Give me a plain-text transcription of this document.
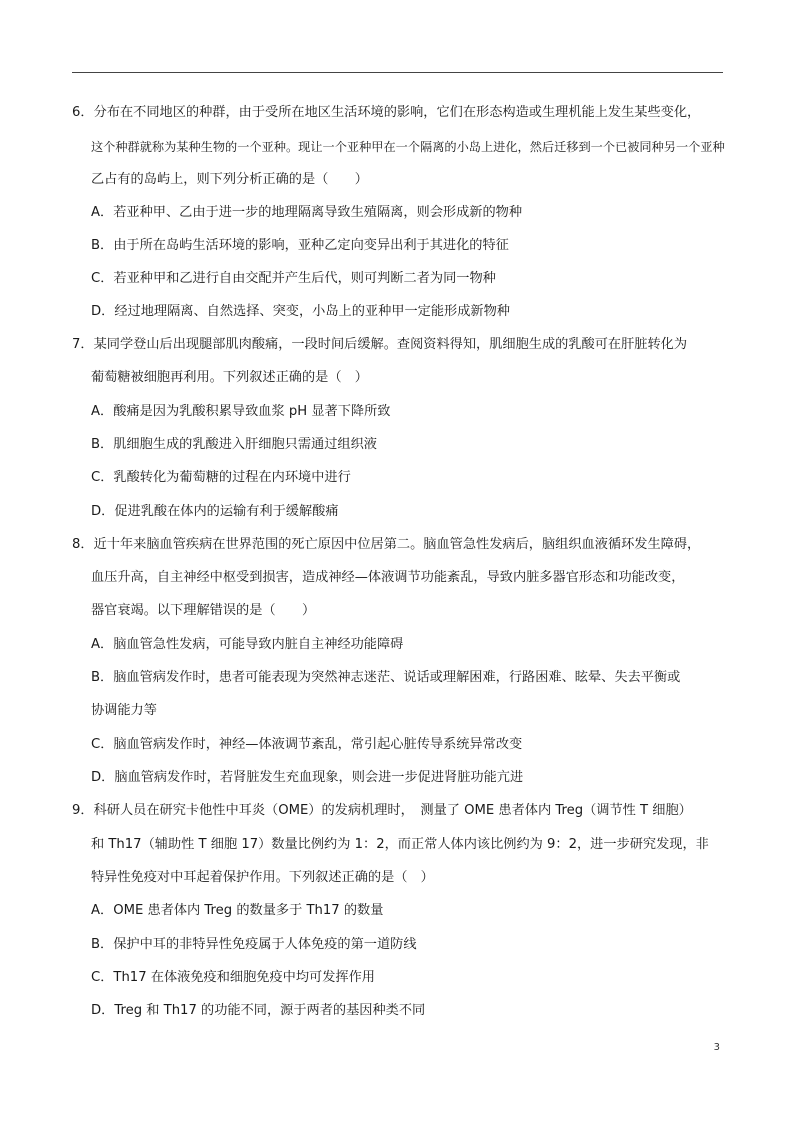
6．分布在不同地区的种群，由于受所在地区生活环境的影响，它们在形态构造或生理机能上发生某些变化，
这个种群就称为某种生物的一个亚种。现让一个亚种甲在一个隔离的小岛上进化，然后迁移到一个已被同种另一个亚种
乙占有的岛屿上，则下列分析正确的是（　　）
A．若亚种甲、乙由于进一步的地理隔离导致生殖隔离，则会形成新的物种
B．由于所在岛屿生活环境的影响，亚种乙定向变异出利于其进化的特征
C．若亚种甲和乙进行自由交配并产生后代，则可判断二者为同一物种
D．经过地理隔离、自然选择、突变，小岛上的亚种甲一定能形成新物种
7．某同学登山后出现腿部肌肉酸痛，一段时间后缓解。查阅资料得知，肌细胞生成的乳酸可在肝脏转化为
葡萄糖被细胞再利用。下列叙述正确的是（　）
A．酸痛是因为乳酸积累导致血浆 pH 显著下降所致
B．肌细胞生成的乳酸进入肝细胞只需通过组织液
C．乳酸转化为葡萄糖的过程在内环境中进行
D．促进乳酸在体内的运输有利于缓解酸痛
8．近十年来脑血管疾病在世界范围的死亡原因中位居第二。脑血管急性发病后，脑组织血液循环发生障碍，
血压升高，自主神经中枢受到损害，造成神经—体液调节功能紊乱，导致内脏多器官形态和功能改变，
器官衰竭。以下理解错误的是（　　）
A．脑血管急性发病，可能导致内脏自主神经功能障碍
B．脑血管病发作时，患者可能表现为突然神志迷茫、说话或理解困难，行路困难、眩晕、失去平衡或
协调能力等
C．脑血管病发作时，神经—体液调节紊乱，常引起心脏传导系统异常改变
D．脑血管病发作时，若肾脏发生充血现象，则会进一步促进肾脏功能亢进
9．科研人员在研究卡他性中耳炎（OME）的发病机理时，　测量了 OME 患者体内 Treg（调节性 T 细胞）
和 Th17（辅助性 T 细胞 17）数量比例约为 1：2，而正常人体内该比例约为 9：2，进一步研究发现，非
特异性免疫对中耳起着保护作用。下列叙述正确的是（　）
A．OME 患者体内 Treg 的数量多于 Th17 的数量
B．保护中耳的非特异性免疫属于人体免疫的第一道防线
C．Th17 在体液免疫和细胞免疫中均可发挥作用
D．Treg 和 Th17 的功能不同，源于两者的基因种类不同
3
